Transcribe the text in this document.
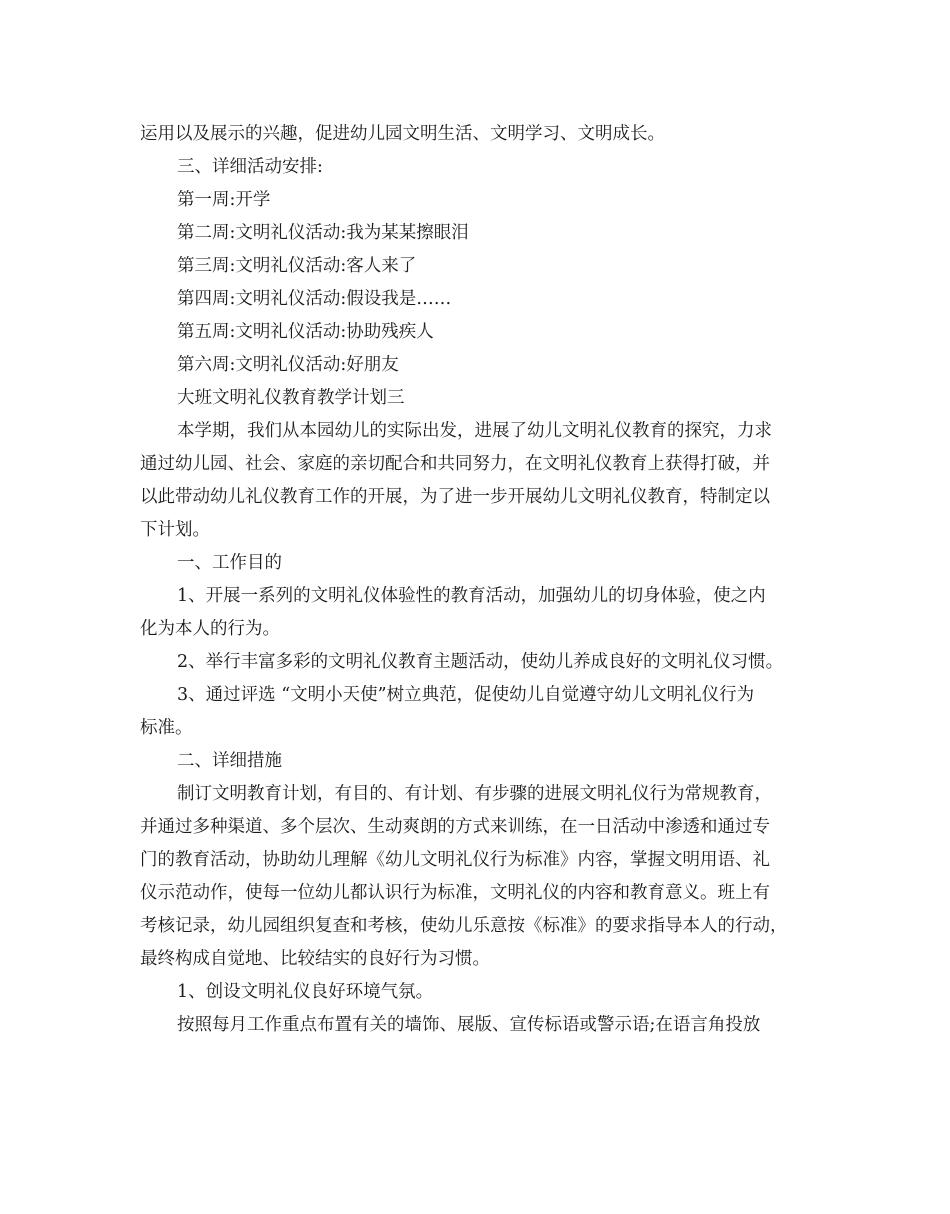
运用以及展示的兴趣，促进幼儿园文明生活、文明学习、文明成长。
三、详细活动安排:
第一周:开学
第二周:文明礼仪活动:我为某某擦眼泪
第三周:文明礼仪活动:客人来了
第四周:文明礼仪活动:假设我是……
第五周:文明礼仪活动:协助残疾人
第六周:文明礼仪活动:好朋友
大班文明礼仪教育教学计划三
本学期，我们从本园幼儿的实际出发，进展了幼儿文明礼仪教育的探究，力求
通过幼儿园、社会、家庭的亲切配合和共同努力，在文明礼仪教育上获得打破，并
以此带动幼儿礼仪教育工作的开展，为了进一步开展幼儿文明礼仪教育，特制定以
下计划。
一、工作目的
1、开展一系列的文明礼仪体验性的教育活动，加强幼儿的切身体验，使之内
化为本人的行为。
2、举行丰富多彩的文明礼仪教育主题活动，使幼儿养成良好的文明礼仪习惯。
3、通过评选 “文明小天使”树立典范，促使幼儿自觉遵守幼儿文明礼仪行为
标准。
二、详细措施
制订文明教育计划，有目的、有计划、有步骤的进展文明礼仪行为常规教育，
并通过多种渠道、多个层次、生动爽朗的方式来训练，在一日活动中渗透和通过专
门的教育活动，协助幼儿理解《幼儿文明礼仪行为标准》内容，掌握文明用语、礼
仪示范动作，使每一位幼儿都认识行为标准，文明礼仪的内容和教育意义。班上有
考核记录，幼儿园组织复查和考核，使幼儿乐意按《标准》的要求指导本人的行动，
最终构成自觉地、比较结实的良好行为习惯。
1、创设文明礼仪良好环境气氛。
按照每月工作重点布置有关的墙饰、展版、宣传标语或警示语;在语言角投放
